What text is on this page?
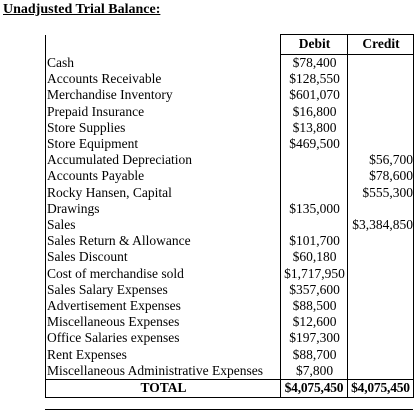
Unadjusted Trial Balance:
	Debit	Credit
Cash	$78,400	
Accounts Receivable	$128,550	
Merchandise Inventory	$601,070	
Prepaid Insurance	$16,800	
Store Supplies	$13,800	
Store Equipment	$469,500	
Accumulated Depreciation		$56,700
Accounts Payable		$78,600
Rocky Hansen, Capital		$555,300
Drawings	$135,000	
Sales		$3,384,850
Sales Return & Allowance	$101,700	
Sales Discount	$60,180	
Cost of merchandise sold	$1,717,950	
Sales Salary Expenses	$357,600	
Advertisement Expenses	$88,500	
Miscellaneous Expenses	$12,600	
Office Salaries expenses	$197,300	
Rent Expenses	$88,700	
Miscellaneous Administrative Expenses	$7,800	
TOTAL	$4,075,450	$4,075,450
